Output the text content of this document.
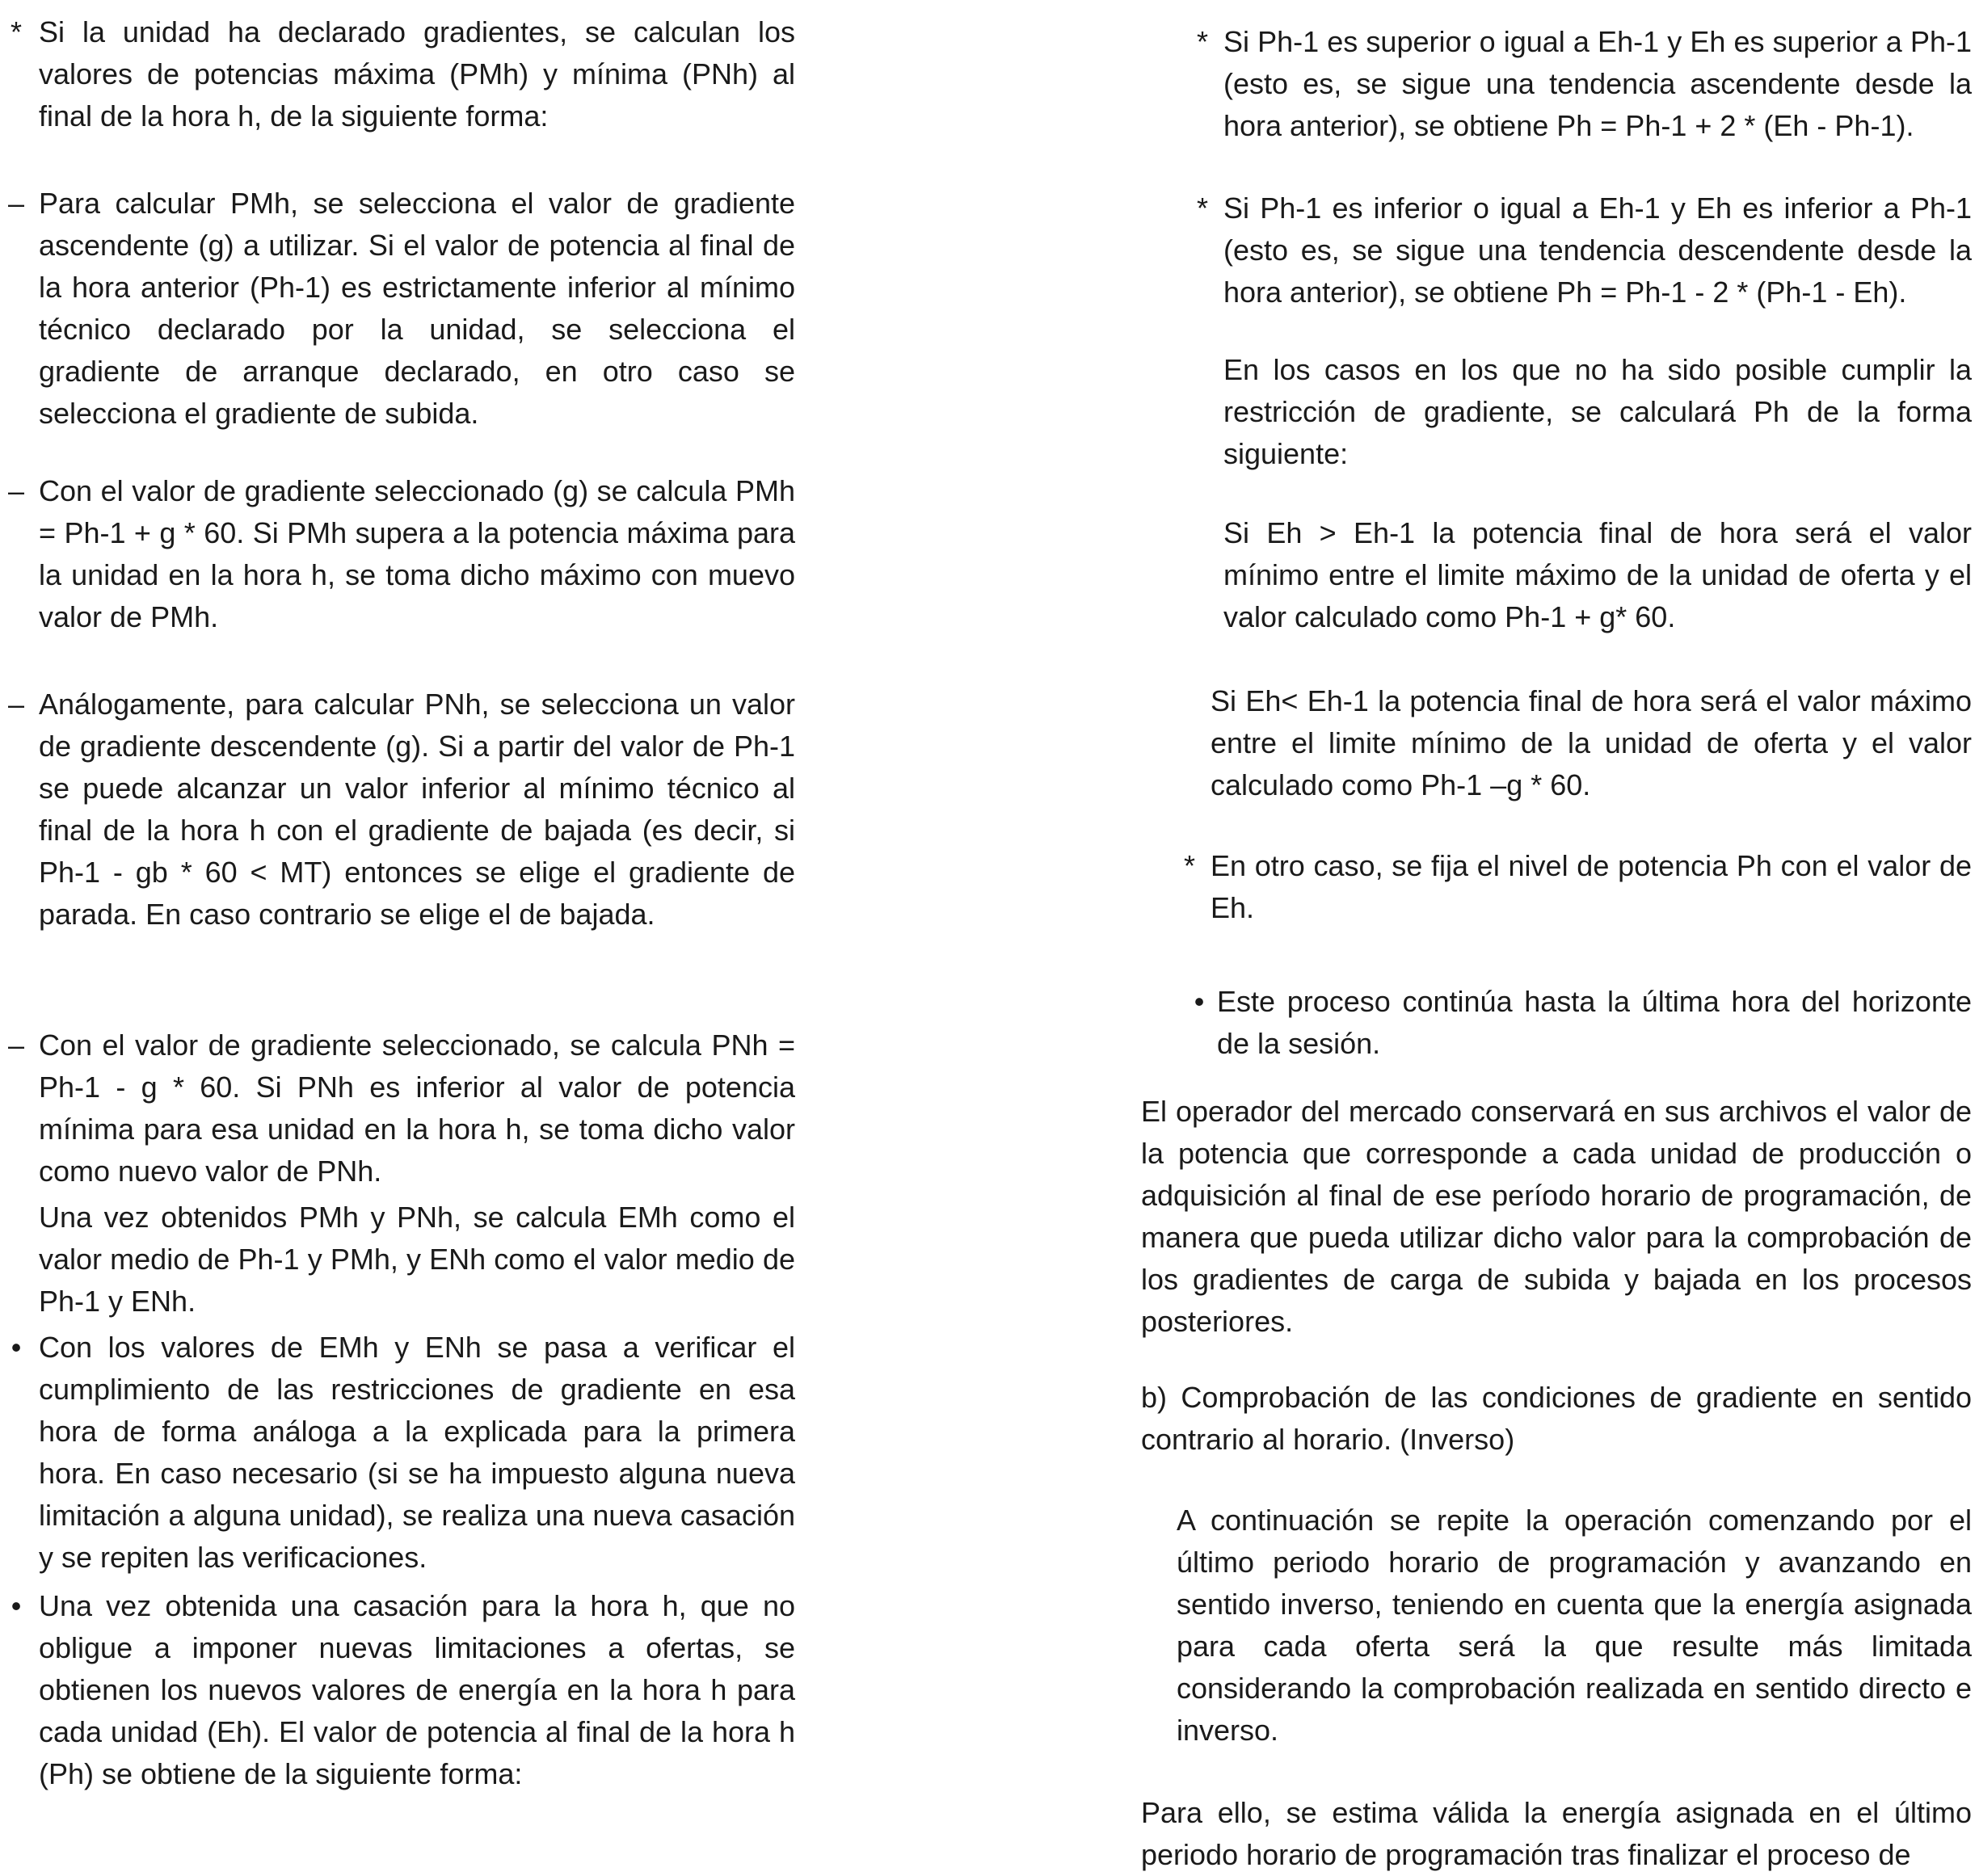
* Si la unidad ha declarado gradientes, se calculan los valores de potencias máxima (PMh) y mínima (PNh) al final de la hora h, de la siguiente forma:
– Para calcular PMh, se selecciona el valor de gradiente ascendente (g) a utilizar. Si el valor de potencia al final de la hora anterior (Ph-1) es estrictamente inferior al mínimo técnico declarado por la unidad, se selecciona el gradiente de arranque declarado, en otro caso se selecciona el gradiente de subida.
– Con el valor de gradiente seleccionado (g) se calcula PMh = Ph-1 + g * 60. Si PMh supera a la potencia máxima para la unidad en la hora h, se toma dicho máximo con muevo valor de PMh.
– Análogamente, para calcular PNh, se selecciona un valor de gradiente descendente (g). Si a partir del valor de Ph-1 se puede alcanzar un valor inferior al mínimo técnico al final de la hora h con el gradiente de bajada (es decir, si Ph-1 - gb * 60 < MT) entonces se elige el gradiente de parada. En caso contrario se elige el de bajada.
– Con el valor de gradiente seleccionado, se calcula PNh = Ph-1 - g * 60. Si PNh es inferior al valor de potencia mínima para esa unidad en la hora h, se toma dicho valor como nuevo valor de PNh.
Una vez obtenidos PMh y PNh, se calcula EMh como el valor medio de Ph-1 y PMh, y ENh como el valor medio de Ph-1 y ENh.
• Con los valores de EMh y ENh se pasa a verificar el cumplimiento de las restricciones de gradiente en esa hora de forma análoga a la explicada para la primera hora. En caso necesario (si se ha impuesto alguna nueva limitación a alguna unidad), se realiza una nueva casación y se repiten las verificaciones.
• Una vez obtenida una casación para la hora h, que no obligue a imponer nuevas limitaciones a ofertas, se obtienen los nuevos valores de energía en la hora h para cada unidad (Eh). El valor de potencia al final de la hora h (Ph) se obtiene de la siguiente forma:
* Si Ph-1 es superior o igual a Eh-1 y Eh es superior a Ph-1 (esto es, se sigue una tendencia ascendente desde la hora anterior), se obtiene Ph = Ph-1 + 2 * (Eh - Ph-1).
* Si Ph-1 es inferior o igual a Eh-1 y Eh es inferior a Ph-1 (esto es, se sigue una tendencia descendente desde la hora anterior), se obtiene Ph = Ph-1 - 2 * (Ph-1 - Eh).
En los casos en los que no ha sido posible cumplir la restricción de gradiente, se calculará Ph de la forma siguiente:
Si Eh > Eh-1 la potencia final de hora será el valor mínimo entre el limite máximo de la unidad de oferta y el valor calculado como Ph-1 + g* 60.
Si Eh< Eh-1 la potencia final de hora será el valor máximo entre el limite mínimo de la unidad de oferta y el valor calculado como Ph-1 –g * 60.
* En otro caso, se fija el nivel de potencia Ph con el valor de Eh.
• Este proceso continúa hasta la última hora del horizonte de la sesión.
El operador del mercado conservará en sus archivos el valor de la potencia que corresponde a cada unidad de producción o adquisición al final de ese período horario de programación, de manera que pueda utilizar dicho valor para la comprobación de los gradientes de carga de subida y bajada en los procesos posteriores.
b) Comprobación de las condiciones de gradiente en sentido contrario al horario. (Inverso)
A continuación se repite la operación comenzando por el último periodo horario de programación y avanzando en sentido inverso, teniendo en cuenta que la energía asignada para cada oferta será la que resulte más limitada considerando la comprobación realizada en sentido directo e inverso.
Para ello, se estima válida la energía asignada en el último periodo horario de programación tras finalizar el proceso de
